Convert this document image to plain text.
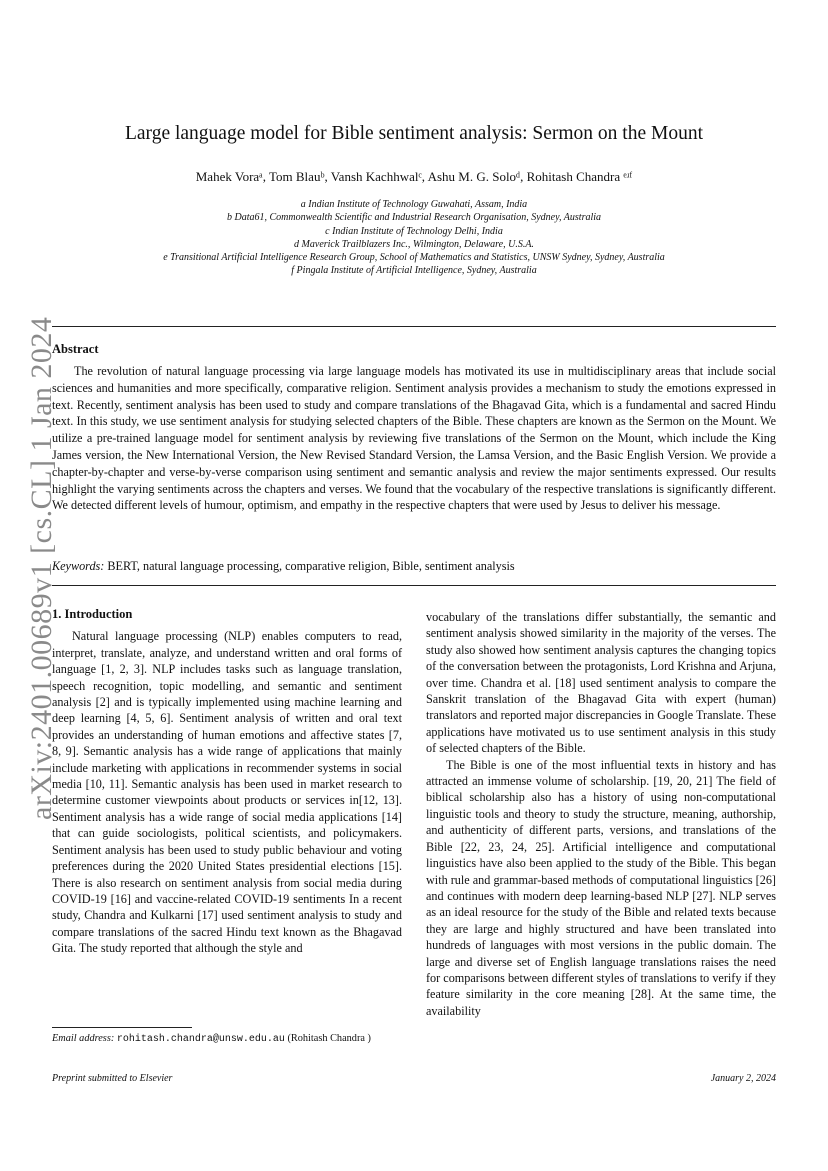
arXiv:2401.00689v1 [cs.CL] 1 Jan 2024
Large language model for Bible sentiment analysis: Sermon on the Mount
Mahek Voraᵃ, Tom Blauᵇ, Vansh Kachhwalᶜ, Ashu M. G. Soloᵈ, Rohitash Chandra ᵉʴᶠ
a Indian Institute of Technology Guwahati, Assam, India
b Data61, Commonwealth Scientific and Industrial Research Organisation, Sydney, Australia
c Indian Institute of Technology Delhi, India
d Maverick Trailblazers Inc., Wilmington, Delaware, U.S.A.
e Transitional Artificial Intelligence Research Group, School of Mathematics and Statistics, UNSW Sydney, Sydney, Australia
f Pingala Institute of Artificial Intelligence, Sydney, Australia
Abstract

The revolution of natural language processing via large language models has motivated its use in multidisciplinary areas that include social sciences and humanities and more specifically, comparative religion. Sentiment analysis provides a mechanism to study the emotions expressed in text. Recently, sentiment analysis has been used to study and compare translations of the Bhagavad Gita, which is a fundamental and sacred Hindu text. In this study, we use sentiment analysis for studying selected chapters of the Bible. These chapters are known as the Sermon on the Mount. We utilize a pre-trained language model for sentiment analysis by reviewing five translations of the Sermon on the Mount, which include the King James version, the New International Version, the New Revised Standard Version, the Lamsa Version, and the Basic English Version. We provide a chapter-by-chapter and verse-by-verse comparison using sentiment and semantic analysis and review the major sentiments expressed. Our results highlight the varying sentiments across the chapters and verses. We found that the vocabulary of the respective translations is significantly different. We detected different levels of humour, optimism, and empathy in the respective chapters that were used by Jesus to deliver his message.

Keywords: BERT, natural language processing, comparative religion, Bible, sentiment analysis
1. Introduction

Natural language processing (NLP) enables computers to read, interpret, translate, analyze, and understand written and oral forms of language [1, 2, 3]. NLP includes tasks such as language translation, speech recognition, topic modelling, and semantic and sentiment analysis [2] and is typically implemented using machine learning and deep learning [4, 5, 6]. Sentiment analysis of written and oral text provides an understanding of human emotions and affective states [7, 8, 9]. Semantic analysis has a wide range of applications that mainly include marketing with applications in recommender systems in social media [10, 11]. Semantic analysis has been used in market research to determine customer viewpoints about products or services in[12, 13]. Sentiment analysis has a wide range of social media applications [14] that can guide sociologists, political scientists, and policymakers. Sentiment analysis has been used to study public behaviour and voting preferences during the 2020 United States presidential elections [15]. There is also research on sentiment analysis from social media during COVID-19 [16] and vaccine-related COVID-19 sentiments In a recent study, Chandra and Kulkarni [17] used sentiment analysis to study and compare translations of the sacred Hindu text known as the Bhagavad Gita. The study reported that although the style and

vocabulary of the translations differ substantially, the semantic and sentiment analysis showed similarity in the majority of the verses. The study also showed how sentiment analysis captures the changing topics of the conversation between the protagonists, Lord Krishna and Arjuna, over time. Chandra et al. [18] used sentiment analysis to compare the Sanskrit translation of the Bhagavad Gita with expert (human) translators and reported major discrepancies in Google Translate. These applications have motivated us to use sentiment analysis in this study of selected chapters of the Bible.

The Bible is one of the most influential texts in history and has attracted an immense volume of scholarship. [19, 20, 21] The field of biblical scholarship also has a history of using non-computational linguistic tools and theory to study the structure, meaning, authorship, and authenticity of different parts, versions, and translations of the Bible [22, 23, 24, 25]. Artificial intelligence and computational linguistics have also been applied to the study of the Bible. This began with rule and grammar-based methods of computational linguistics [26] and continues with modern deep learning-based NLP [27]. NLP serves as an ideal resource for the study of the Bible and related texts because they are large and highly structured and have been translated into hundreds of languages with most versions in the public domain. The large and diverse set of English language translations raises the need for comparisons between different styles of translations to verify if they feature similarity in the core meaning [28]. At the same time, the availability

Email address: rohitash.chandra@unsw.edu.au (Rohitash Chandra )
Preprint submitted to Elsevier	January 2, 2024
